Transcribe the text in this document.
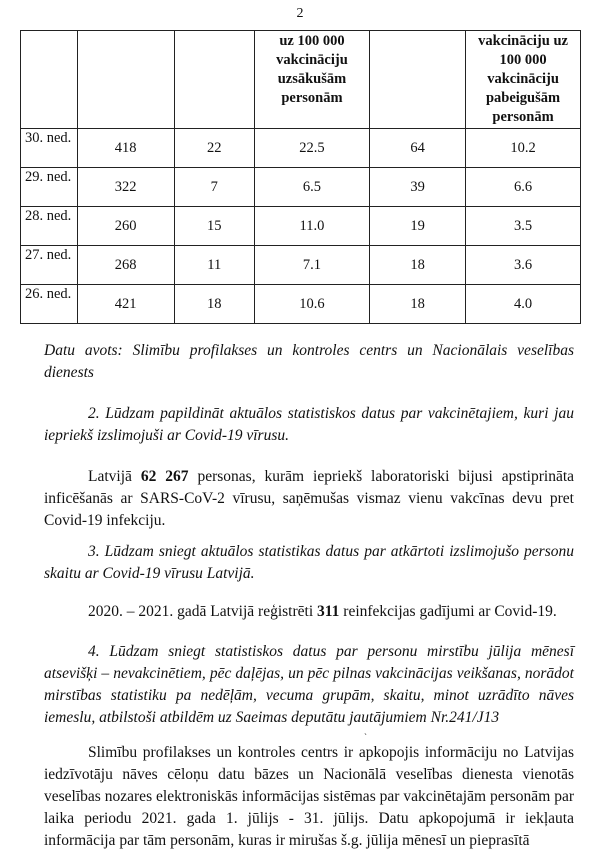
2
			uz 100 000 vakcināciju uzsākušām personām		vakcināciju uz 100 000 vakcināciju pabeigušām personām
30. ned.	418	22	22.5	64	10.2
29. ned.	322	7	6.5	39	6.6
28. ned.	260	15	11.0	19	3.5
27. ned.	268	11	7.1	18	3.6
26. ned.	421	18	10.6	18	4.0
Datu avots: Slimību profilakses un kontroles centrs un Nacionālais veselības dienests
2. Lūdzam papildināt aktuālos statistiskos datus par vakcinētajiem, kuri jau iepriekš izslimojuši ar Covid-19 vīrusu.
Latvijā 62 267 personas, kurām iepriekš laboratoriski bijusi apstiprināta inficēšanās ar SARS-CoV-2 vīrusu, saņēmušas vismaz vienu vakcīnas devu pret Covid-19 infekciju.
3. Lūdzam sniegt aktuālos statistikas datus par atkārtoti izslimojušo personu skaitu ar Covid-19 vīrusu Latvijā.
2020. – 2021. gadā Latvijā reģistrēti 311 reinfekcijas gadījumi ar Covid-19.
4. Lūdzam sniegt statistiskos datus par personu mirstību jūlija mēnesī atsevišķi – nevakcinētiem, pēc daļējas, un pēc pilnas vakcinācijas veikšanas, norādot mirstības statistiku pa nedēļām, vecuma grupām, skaitu, minot uzrādīto nāves iemeslu, atbilstoši atbildēm uz Saeimas deputātu jautājumiem Nr.241/J13
`
Slimību profilakses un kontroles centrs ir apkopojis informāciju no Latvijas iedzīvotāju nāves cēloņu datu bāzes un Nacionālā veselības dienesta vienotās veselības nozares elektroniskās informācijas sistēmas par vakcinētajām personām par laika periodu 2021. gada 1. jūlijs - 31. jūlijs. Datu apkopojumā ir iekļauta informācija par tām personām, kuras ir mirušas š.g. jūlija mēnesī un pieprasītā
